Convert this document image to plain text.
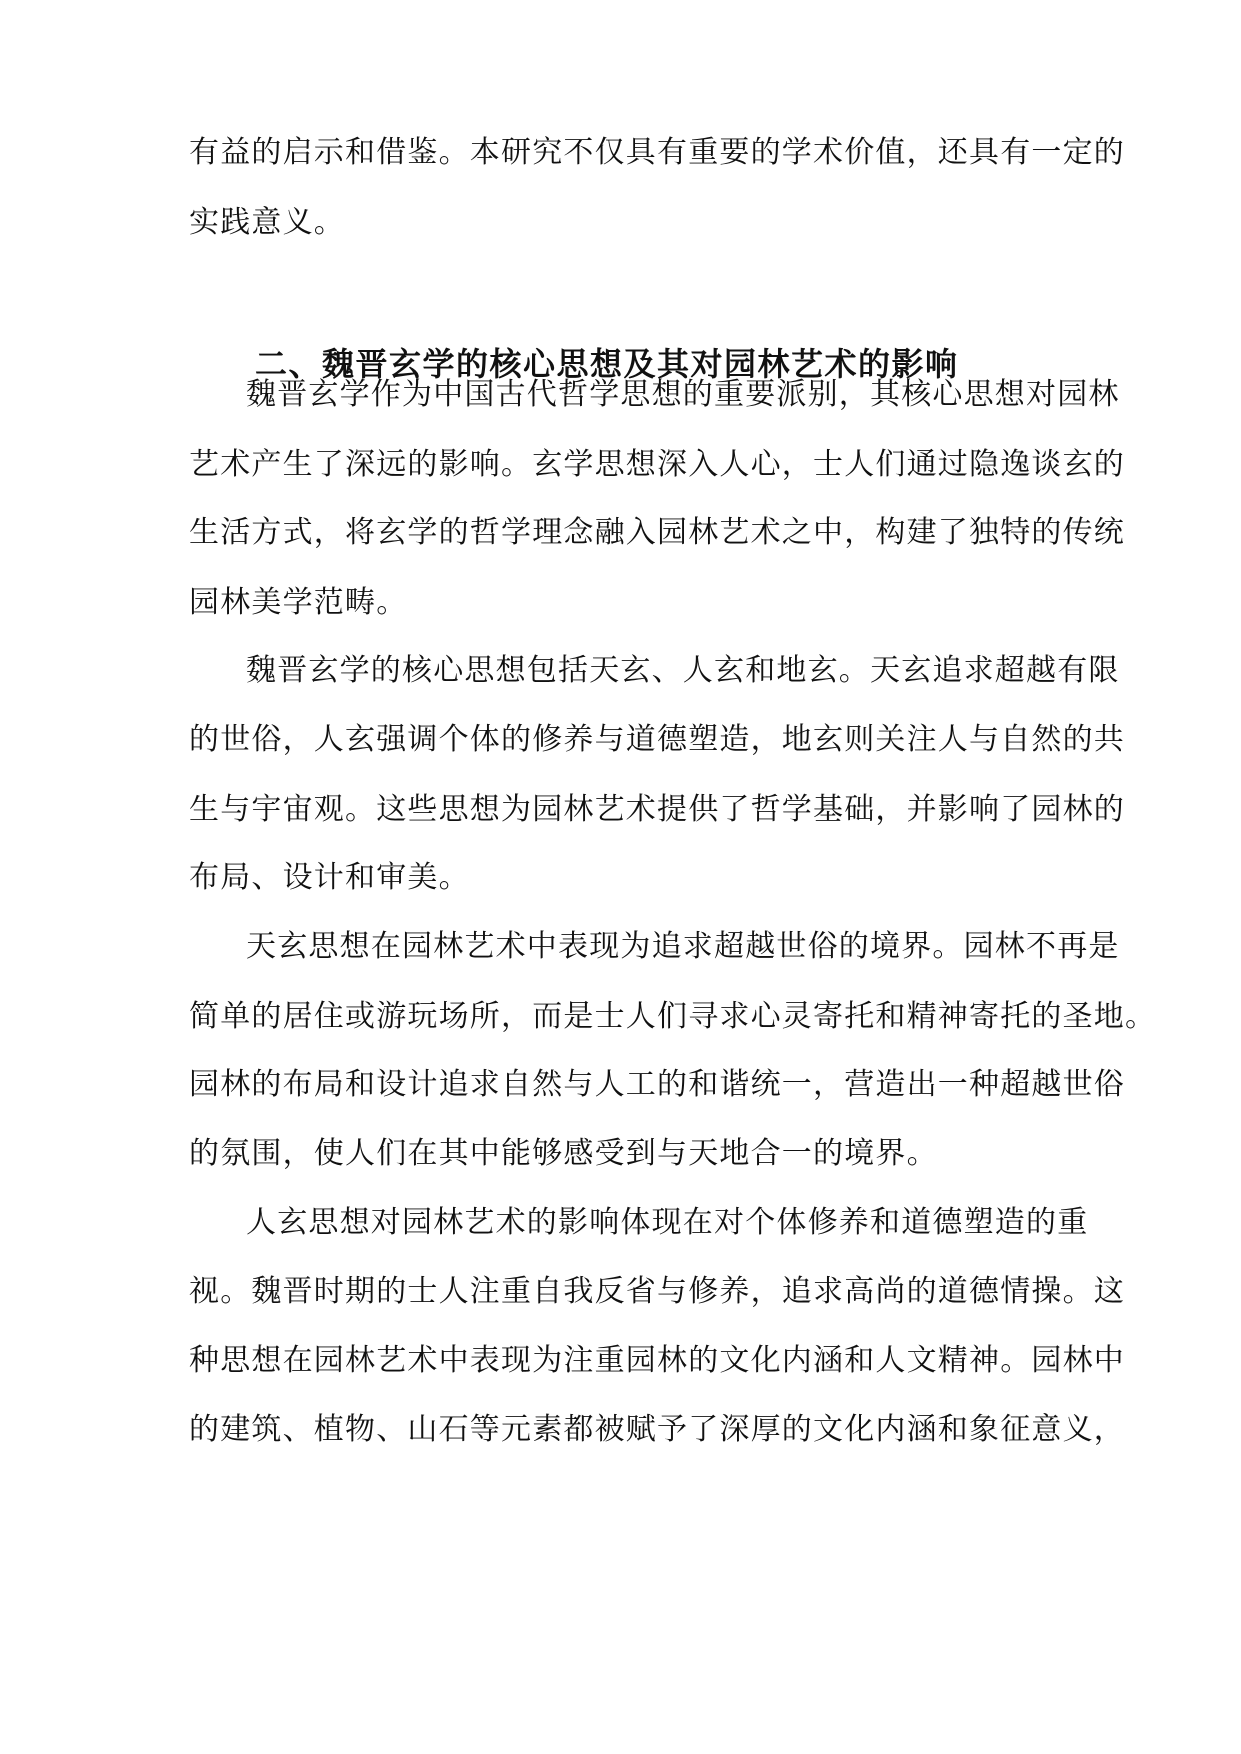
有益的启示和借鉴。本研究不仅具有重要的学术价值，还具有一定的
实践意义。
二、魏晋玄学的核心思想及其对园林艺术的影响
魏晋玄学作为中国古代哲学思想的重要派别，其核心思想对园林
艺术产生了深远的影响。玄学思想深入人心，士人们通过隐逸谈玄的
生活方式，将玄学的哲学理念融入园林艺术之中，构建了独特的传统
园林美学范畴。
魏晋玄学的核心思想包括天玄、人玄和地玄。天玄追求超越有限
的世俗，人玄强调个体的修养与道德塑造，地玄则关注人与自然的共
生与宇宙观。这些思想为园林艺术提供了哲学基础，并影响了园林的
布局、设计和审美。
天玄思想在园林艺术中表现为追求超越世俗的境界。园林不再是
简单的居住或游玩场所，而是士人们寻求心灵寄托和精神寄托的圣地。
园林的布局和设计追求自然与人工的和谐统一，营造出一种超越世俗
的氛围，使人们在其中能够感受到与天地合一的境界。
人玄思想对园林艺术的影响体现在对个体修养和道德塑造的重
视。魏晋时期的士人注重自我反省与修养，追求高尚的道德情操。这
种思想在园林艺术中表现为注重园林的文化内涵和人文精神。园林中
的建筑、植物、山石等元素都被赋予了深厚的文化内涵和象征意义，
